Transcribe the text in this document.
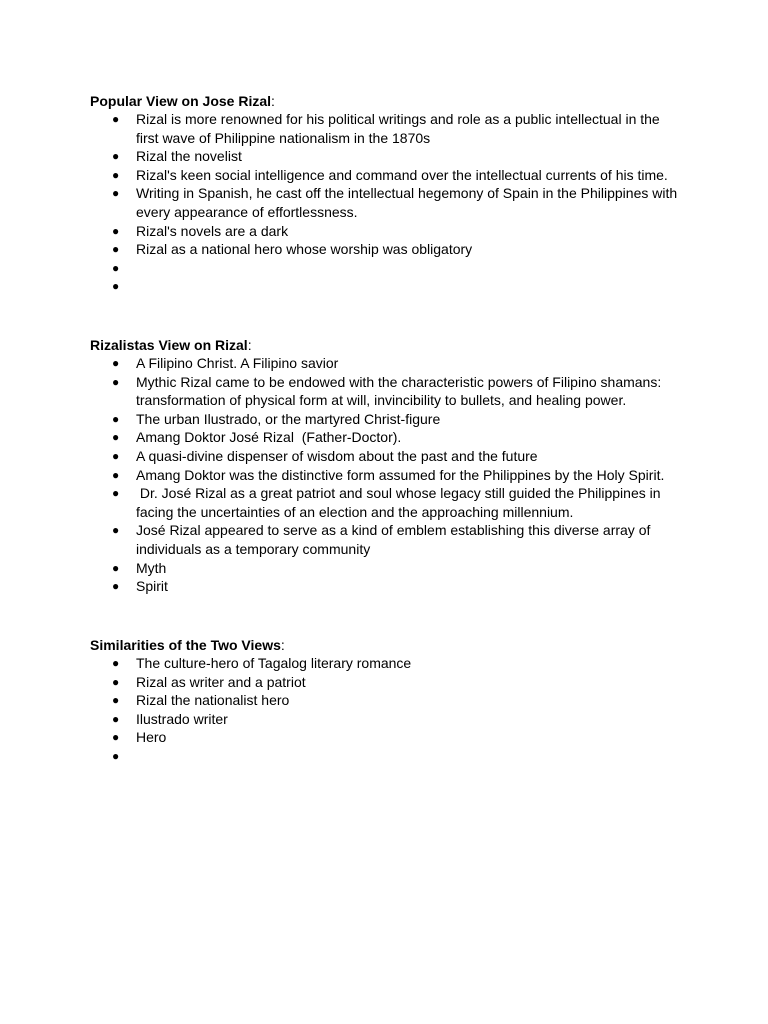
Popular View on Jose Rizal:

●	Rizal is more renowned for his political writings and role as a public intellectual in the first wave of Philippine nationalism in the 1870s
●	Rizal the novelist
●	Rizal's keen social intelligence and command over the intellectual currents of his time.
●	Writing in Spanish, he cast off the intellectual hegemony of Spain in the Philippines with every appearance of effortlessness.
●	Rizal's novels are a dark
●	Rizal as a national hero whose worship was obligatory
●
●

Rizalistas View on Rizal:

●	A Filipino Christ. A Filipino savior
●	Mythic Rizal came to be endowed with the characteristic powers of Filipino shamans: transformation of physical form at will, invincibility to bullets, and healing power.
●	The urban Ilustrado, or the martyred Christ-figure
●	Amang Doktor José Rizal  (Father-Doctor).
●	A quasi-divine dispenser of wisdom about the past and the future
●	Amang Doktor was the distinctive form assumed for the Philippines by the Holy Spirit.
●	Dr. José Rizal as a great patriot and soul whose legacy still guided the Philippines in facing the uncertainties of an election and the approaching millennium.
●	José Rizal appeared to serve as a kind of emblem establishing this diverse array of individuals as a temporary community
●	Myth
●	Spirit

Similarities of the Two Views:

●	The culture-hero of Tagalog literary romance
●	Rizal as writer and a patriot
●	Rizal the nationalist hero
●	Ilustrado writer
●	Hero
●
